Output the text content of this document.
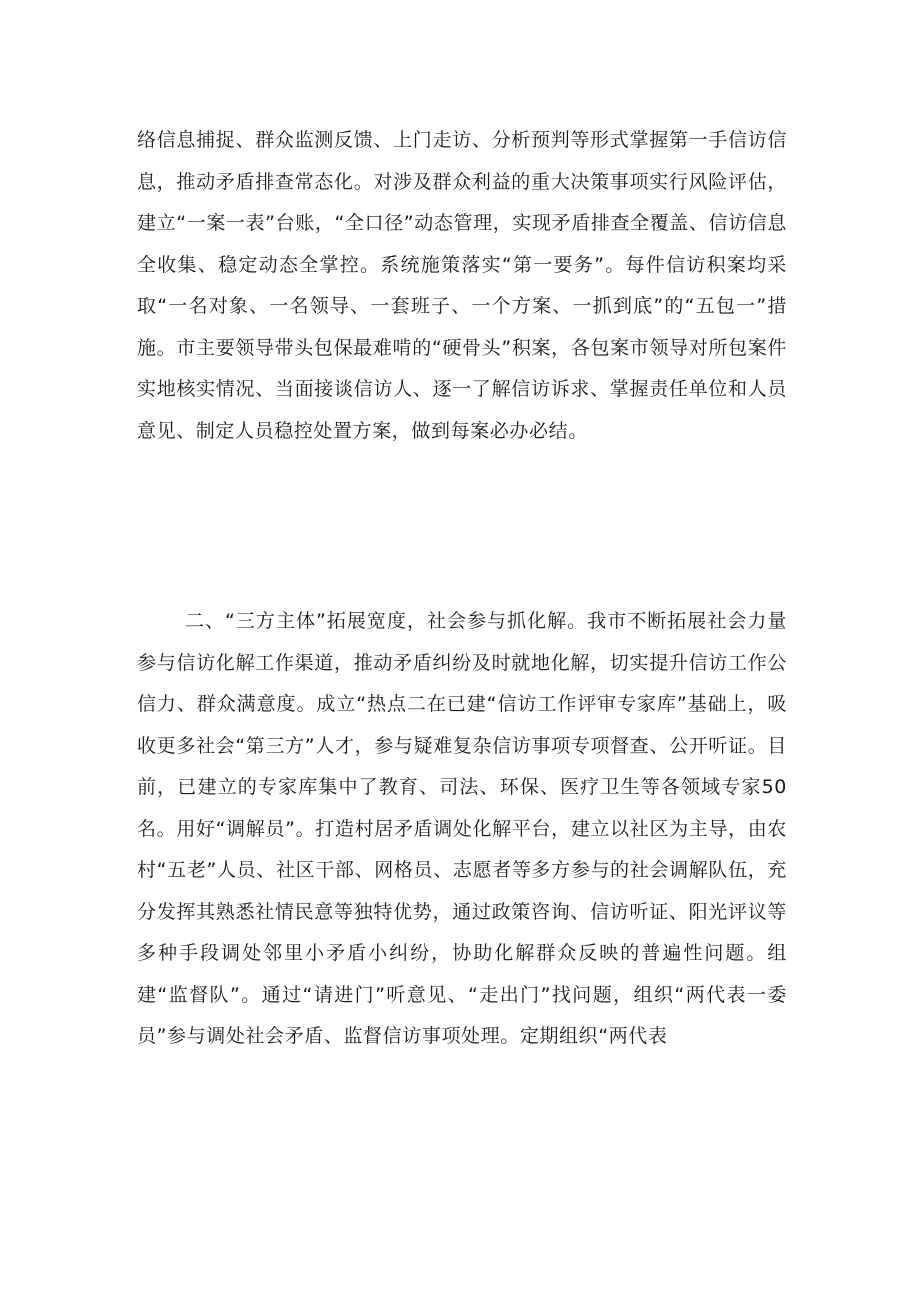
络信息捕捉、群众监测反馈、上门走访、分析预判等形式掌握第一手信访信息，推动矛盾排查常态化。对涉及群众利益的重大决策事项实行风险评估，建立“一案一表”台账，“全口径”动态管理，实现矛盾排查全覆盖、信访信息全收集、稳定动态全掌控。系统施策落实“第一要务”。每件信访积案均采取“一名对象、一名领导、一套班子、一个方案、一抓到底”的“五包一”措施。市主要领导带头包保最难啃的“硬骨头”积案，各包案市领导对所包案件实地核实情况、当面接谈信访人、逐一了解信访诉求、掌握责任单位和人员意见、制定人员稳控处置方案，做到每案必办必结。

二、“三方主体”拓展宽度，社会参与抓化解。我市不断拓展社会力量参与信访化解工作渠道，推动矛盾纠纷及时就地化解，切实提升信访工作公信力、群众满意度。成立“热点二在已建“信访工作评审专家库”基础上，吸收更多社会“第三方”人才，参与疑难复杂信访事项专项督查、公开听证。目前，已建立的专家库集中了教育、司法、环保、医疗卫生等各领域专家50名。用好“调解员”。打造村居矛盾调处化解平台，建立以社区为主导，由农村“五老”人员、社区干部、网格员、志愿者等多方参与的社会调解队伍，充分发挥其熟悉社情民意等独特优势，通过政策咨询、信访听证、阳光评议等多种手段调处邻里小矛盾小纠纷，协助化解群众反映的普遍性问题。组建“监督队”。通过“请进门”听意见、“走出门”找问题，组织“两代表一委员”参与调处社会矛盾、监督信访事项处理。定期组织“两代表
